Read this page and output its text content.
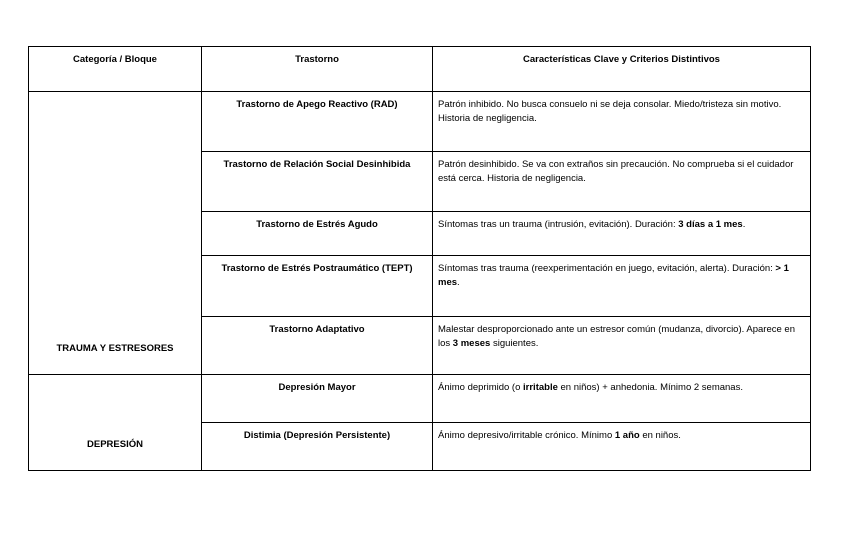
Categoría / Bloque	Trastorno	Características Clave y Criterios Distintivos
TRAUMA Y ESTRESORES	Trastorno de Apego Reactivo (RAD)	Patrón inhibido. No busca consuelo ni se deja consolar. Miedo/tristeza sin motivo. Historia de negligencia.
	Trastorno de Relación Social Desinhibida	Patrón desinhibido. Se va con extraños sin precaución. No comprueba si el cuidador está cerca. Historia de negligencia.
	Trastorno de Estrés Agudo	Síntomas tras un trauma (intrusión, evitación). Duración: 3 días a 1 mes.
	Trastorno de Estrés Postraumático (TEPT)	Síntomas tras trauma (reexperimentación en juego, evitación, alerta). Duración: > 1 mes.
	Trastorno Adaptativo	Malestar desproporcionado ante un estresor común (mudanza, divorcio). Aparece en los 3 meses siguientes.
DEPRESIÓN	Depresión Mayor	Ánimo deprimido (o irritable en niños) + anhedonia. Mínimo 2 semanas.
	Distimia (Depresión Persistente)	Ánimo depresivo/irritable crónico. Mínimo 1 año en niños.
